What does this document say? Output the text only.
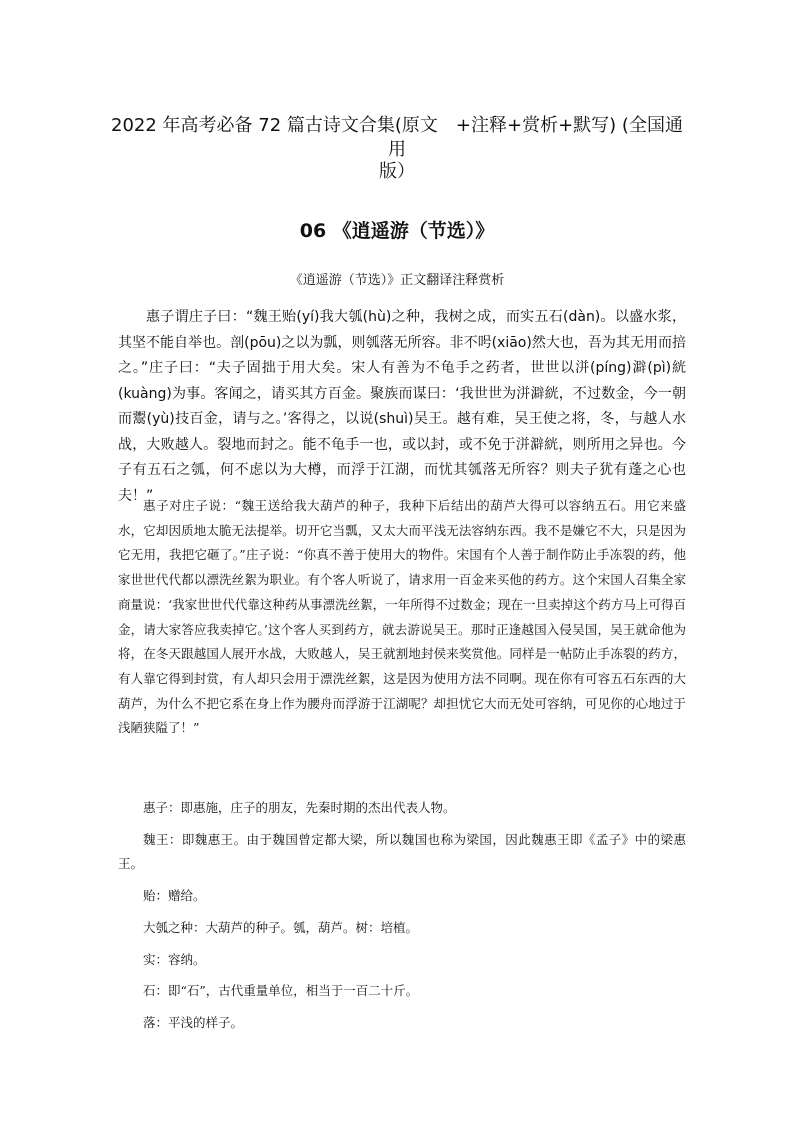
2022 年高考必备 72 篇古诗文合集(原文　+注释+赏析+默写) (全国通用
版）
06 《逍遥游（节选）》

《逍遥游（节选）》正文翻译注释赏析

惠子谓庄子曰：“魏王贻(yí)我大瓠(hù)之种，我树之成，而实五石(dàn)。以盛水浆，其坚不能自举也。剖(pōu)之以为瓢，则瓠落无所容。非不呺(xiāo)然大也，吾为其无用而掊之。”庄子曰：“夫子固拙于用大矣。宋人有善为不龟手之药者，世世以洴(píng)澼(pì)絖(kuàng)为事。客闻之，请买其方百金。聚族而谋曰：‘我世世为洴澼絖，不过数金，今一朝而鬻(yù)技百金，请与之。’客得之，以说(shuì)吴王。越有难，吴王使之将，冬，与越人水战，大败越人。裂地而封之。能不龟手一也，或以封，或不免于洴澼絖，则所用之异也。今子有五石之瓠，何不虑以为大樽，而浮于江湖，而忧其瓠落无所容？则夫子犹有蓬之心也夫！”

惠子对庄子说：“魏王送给我大葫芦的种子，我种下后结出的葫芦大得可以容纳五石。用它来盛水，它却因质地太脆无法提举。切开它当瓢，又太大而平浅无法容纳东西。我不是嫌它不大，只是因为它无用，我把它砸了。”庄子说：“你真不善于使用大的物件。宋国有个人善于制作防止手冻裂的药，他家世世代代都以漂洗丝絮为职业。有个客人听说了，请求用一百金来买他的药方。这个宋国人召集全家商量说：‘我家世世代代靠这种药从事漂洗丝絮，一年所得不过数金；现在一旦卖掉这个药方马上可得百金，请大家答应我卖掉它。’这个客人买到药方，就去游说吴王。那时正逢越国入侵吴国，吴王就命他为将，在冬天跟越国人展开水战，大败越人，吴王就割地封侯来奖赏他。同样是一帖防止手冻裂的药方，有人靠它得到封赏，有人却只会用于漂洗丝絮，这是因为使用方法不同啊。现在你有可容五石东西的大葫芦，为什么不把它系在身上作为腰舟而浮游于江湖呢？却担忧它大而无处可容纳，可见你的心地过于浅陋狭隘了！”

惠子：即惠施，庄子的朋友，先秦时期的杰出代表人物。
魏王：即魏惠王。由于魏国曾定都大梁，所以魏国也称为梁国，因此魏惠王即《孟子》中的梁惠王。
贻：赠给。
大瓠之种：大葫芦的种子。瓠，葫芦。树：培植。
实：容纳。
石：即“石”，古代重量单位，相当于一百二十斤。
落：平浅的样子。
